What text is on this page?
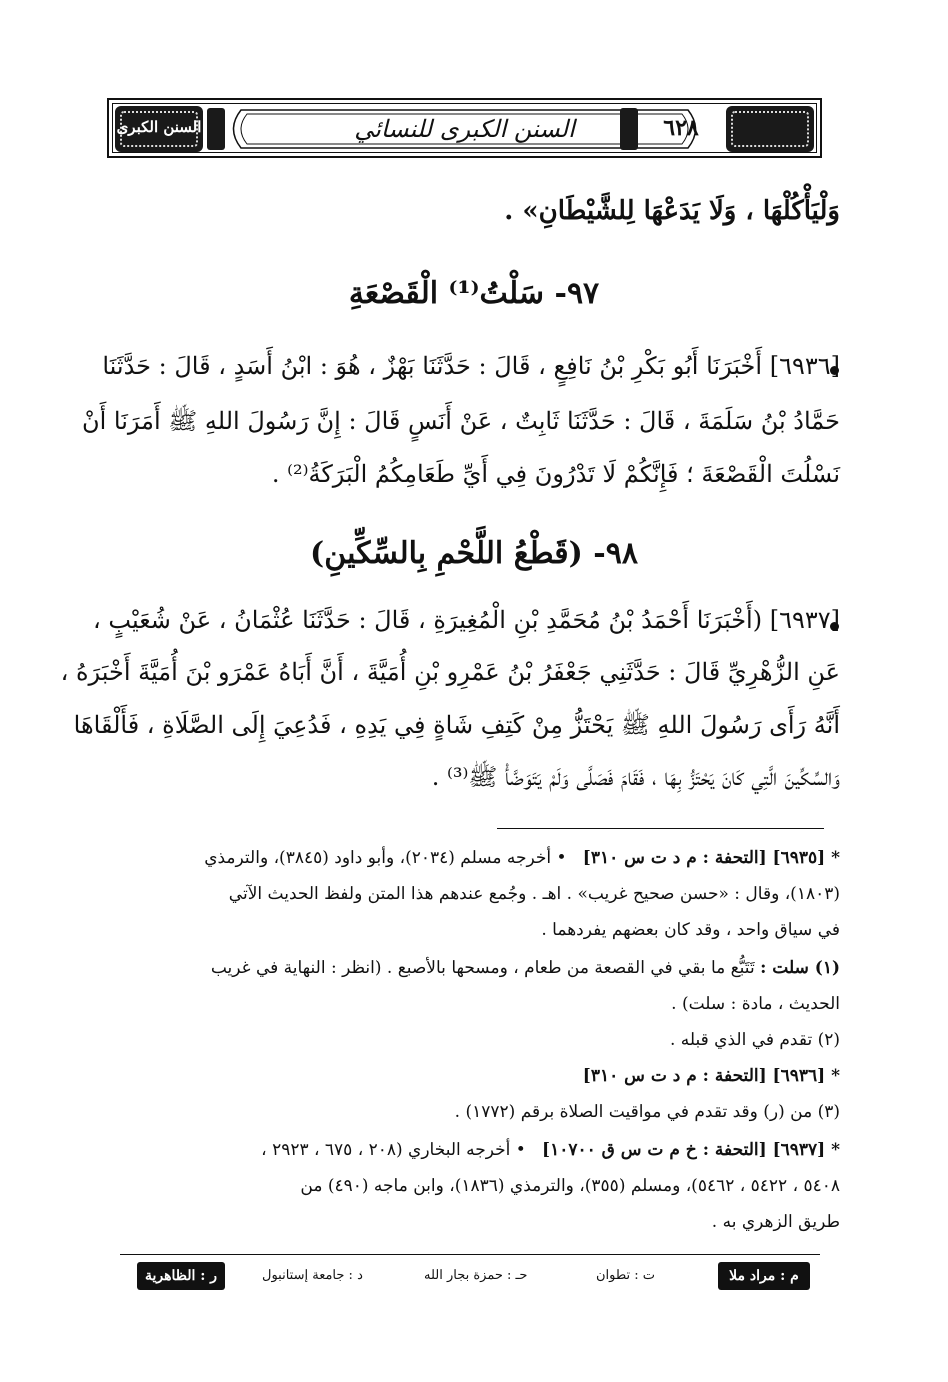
السنن الكبرى	السنن الكبرى للنسائي	٦٢٨
وَلْيَأْكُلْهَا ، وَلَا يَدَعْهَا لِلشَّيْطَانِ» .
٩٧- سَلْتُ⁽¹⁾ الْقَصْعَةِ
[٦٩٣٦] أَخْبَرَنَا أَبُو بَكْرِ بْنُ نَافِعٍ ، قَالَ : حَدَّثَنَا بَهْزٌ ، هُوَ : ابْنُ أَسَدٍ ، قَالَ : حَدَّثَنَا
حَمَّادُ بْنُ سَلَمَةَ ، قَالَ : حَدَّثَنَا ثَابِتٌ ، عَنْ أَنَسٍ قَالَ : إِنَّ رَسُولَ اللهِ ﷺ أَمَرَنَا أَنْ
نَسْلُتَ الْقَصْعَةَ ؛ فَإِنَّكُمْ لَا تَدْرُونَ فِي أَيِّ طَعَامِكُمُ الْبَرَكَةُ⁽²⁾ .
٩٨- (قَطْعُ اللَّحْمِ بِالسِّكِّينِ)
[٦٩٣٧] (أَخْبَرَنَا أَحْمَدُ بْنُ مُحَمَّدِ بْنِ الْمُغِيرَةِ ، قَالَ : حَدَّثَنَا عُثْمَانُ ، عَنْ شُعَيْبٍ ،
عَنِ الزُّهْرِيِّ قَالَ : حَدَّثَنِي جَعْفَرُ بْنُ عَمْرِو بْنِ أُمَيَّةَ ، أَنَّ أَبَاهُ عَمْرَو بْنَ أُمَيَّةَ أَخْبَرَهُ ،
أَنَّهُ رَأَى رَسُولَ اللهِ ﷺ يَحْتَزُّ مِنْ كَتِفِ شَاةٍ فِي يَدِهِ ، فَدُعِيَ إِلَى الصَّلَاةِ ، فَأَلْقَاهَا
وَالسِّكِّينَ الَّتِي كَانَ يَحْتَزُّ بِهَا ، فَقَامَ فَصَلَّى وَلَمْ يَتَوَضَّأْ ﷺ⁽³⁾ .
* [٦٩٣٥] [التحفة : م د ت س ٣١٠]   • أخرجه مسلم (٢٠٣٤)، وأبو داود (٣٨٤٥)، والترمذي
(١٨٠٣)، وقال : «حسن صحيح غريب» . اهـ . وجُمع عندهم هذا المتن ولفظ الحديث الآتي
في سياق واحد ، وقد كان بعضهم يفردهما .
(١) سلت : تَتَبُّع ما بقي في القصعة من طعام ، ومسحها بالأصبع . (انظر : النهاية في غريب
الحديث ، مادة : سلت) .
(٢) تقدم في الذي قبله .
* [٦٩٣٦] [التحفة : م د ت س ٣١٠]
(٣) من (ر) وقد تقدم في مواقيت الصلاة برقم (١٧٧٢) .
* [٦٩٣٧] [التحفة : خ م ت س ق ١٠٧٠٠]   • أخرجه البخاري (٢٠٨ ، ٦٧٥ ، ٢٩٢٣ ،
٥٤٠٨ ، ٥٤٢٢ ، ٥٤٦٢)، ومسلم (٣٥٥)، والترمذي (١٨٣٦)، وابن ماجه (٤٩٠) من
طريق الزهري به .
م : مراد ملا
ت : تطوان
حـ : حمزة بجار الله
د : جامعة إستانبول
ر : الظاهرية
